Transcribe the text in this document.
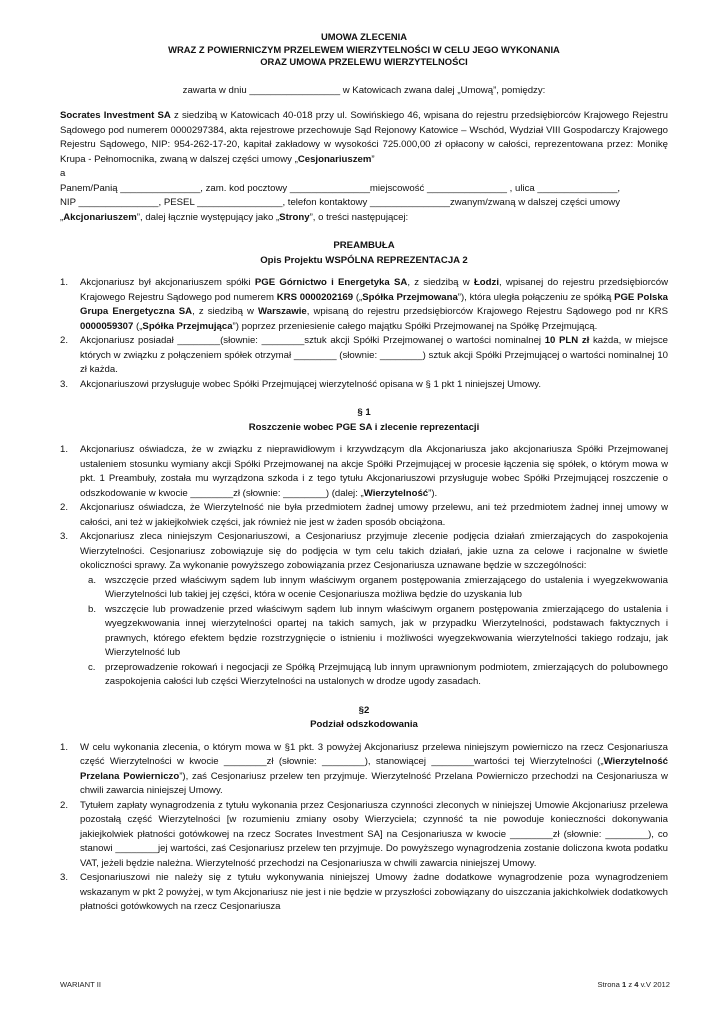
UMOWA ZLECENIA
WRAZ Z POWIERNICZYM PRZELEWEM WIERZYTELNOŚCI W CELU JEGO WYKONANIA
ORAZ UMOWA PRZELEWU WIERZYTELNOŚCI

zawarta w dniu _________________ w Katowicach zwana dalej „Umową”, pomiędzy:

Socrates Investment SA z siedzibą w Katowicach 40-018 przy ul. Sowińskiego 46, wpisana do rejestru przedsiębiorców Krajowego Rejestru Sądowego pod numerem 0000297384, akta rejestrowe przechowuje Sąd Rejonowy Katowice – Wschód, Wydział VIII Gospodarczy Krajowego Rejestru Sądowego, NIP: 954-262-17-20, kapitał zakładowy w wysokości 725.000,00 zł opłacony w całości, reprezentowana przez: Monikę Krupa - Pełnomocnika, zwaną w dalszej części umowy „Cesjonariuszem”

a

Panem/Panią _______________, zam. kod pocztowy _______________miejscowość _______________ , ulica _______________,

NIP _______________, PESEL ________________, telefon kontaktowy _______________zwanym/zwaną w dalszej części umowy

„Akcjonariuszem”, dalej łącznie występujący jako „Strony”, o treści następującej:

PREAMBUŁA
Opis Projektu WSPÓLNA REPREZENTACJA 2
1. Akcjonariusz był akcjonariuszem spółki PGE Górnictwo i Energetyka SA, z siedzibą w Łodzi, wpisanej do rejestru przedsiębiorców Krajowego Rejestru Sądowego pod numerem KRS 0000202169 („Spółka Przejmowana”), która uległa połączeniu ze spółką PGE Polska Grupa Energetyczna SA, z siedzibą w Warszawie, wpisaną do rejestru przedsiębiorców Krajowego Rejestru Sądowego pod nr KRS 0000059307 („Spółka Przejmująca”) poprzez przeniesienie całego majątku Spółki Przejmowanej na Spółkę Przejmującą.
2. Akcjonariusz posiadał ________(słownie: ________sztuk akcji Spółki Przejmowanej o wartości nominalnej 10 PLN zł każda, w miejsce których w związku z połączeniem spółek otrzymał ________ (słownie: ________) sztuk akcji Spółki Przejmującej o wartości nominalnej 10 zł każda.
3. Akcjonariuszowi przysługuje wobec Spółki Przejmującej wierzytelność opisana w § 1 pkt 1 niniejszej Umowy.
§ 1
Roszczenie wobec PGE SA i zlecenie reprezentacji
1. Akcjonariusz oświadcza, że w związku z nieprawidłowym i krzywdzącym dla Akcjonariusza jako akcjonariusza Spółki Przejmowanej ustaleniem stosunku wymiany akcji Spółki Przejmowanej na akcje Spółki Przejmującej w procesie łączenia się spółek, o którym mowa w pkt. 1 Preambuły, została mu wyrządzona szkoda i z tego tytułu Akcjonariuszowi przysługuje wobec Spółki Przejmującej roszczenie o odszkodowanie w kwocie ________zł (słownie: ________) (dalej: „Wierzytelność”).
2. Akcjonariusz oświadcza, że Wierzytelność nie była przedmiotem żadnej umowy przelewu, ani też przedmiotem żadnej innej umowy w całości, ani też w jakiejkolwiek części, jak również nie jest w żaden sposób obciążona.
3. Akcjonariusz zleca niniejszym Cesjonariuszowi, a Cesjonariusz przyjmuje zlecenie podjęcia działań zmierzających do zaspokojenia Wierzytelności. Cesjonariusz zobowiązuje się do podjęcia w tym celu takich działań, jakie uzna za celowe i racjonalne w świetle okoliczności sprawy. Za wykonanie powyższego zobowiązania przez Cesjonariusza uznawane będzie w szczególności:
a. wszczęcie przed właściwym sądem lub innym właściwym organem postępowania zmierzającego do ustalenia i wyegzekwowania Wierzytelności lub takiej jej części, która w ocenie Cesjonariusza możliwa będzie do uzyskania lub
b. wszczęcie lub prowadzenie przed właściwym sądem lub innym właściwym organem postępowania zmierzającego do ustalenia i wyegzekwowania innej wierzytelności opartej na takich samych, jak w przypadku Wierzytelności, podstawach faktycznych i prawnych, którego efektem będzie rozstrzygnięcie o istnieniu i możliwości wyegzekwowania wierzytelności takiego rodzaju, jak Wierzytelność lub
c. przeprowadzenie rokowań i negocjacji ze Spółką Przejmującą lub innym uprawnionym podmiotem, zmierzających do polubownego zaspokojenia całości lub części Wierzytelności na ustalonych w drodze ugody zasadach.
§2
Podział odszkodowania
1. W celu wykonania zlecenia, o którym mowa w §1 pkt. 3 powyżej Akcjonariusz przelewa niniejszym powierniczo na rzecz Cesjonariusza część Wierzytelności w kwocie ________zł (słownie: ________), stanowiącej ________wartości tej Wierzytelności („Wierzytelność Przelana Powierniczo”), zaś Cesjonariusz przelew ten przyjmuje. Wierzytelność Przelana Powierniczo przechodzi na Cesjonariusza w chwili zawarcia niniejszej Umowy.
2. Tytułem zapłaty wynagrodzenia z tytułu wykonania przez Cesjonariusza czynności zleconych w niniejszej Umowie Akcjonariusz przelewa pozostałą część Wierzytelności [w rozumieniu zmiany osoby Wierzyciela; czynność ta nie powoduje konieczności dokonywania jakiejkolwiek płatności gotówkowej na rzecz Socrates Investment SA] na Cesjonariusza w kwocie ________zł (słownie: ________), co stanowi ________jej wartości, zaś Cesjonariusz przelew ten przyjmuje. Do powyższego wynagrodzenia zostanie doliczona kwota podatku VAT, jeżeli będzie należna. Wierzytelność przechodzi na Cesjonariusza w chwili zawarcia niniejszej Umowy.
3. Cesjonariuszowi nie należy się z tytułu wykonywania niniejszej Umowy żadne dodatkowe wynagrodzenie poza wynagrodzeniem wskazanym w pkt 2 powyżej, w tym Akcjonariusz nie jest i nie będzie w przyszłości zobowiązany do uiszczania jakichkolwiek dodatkowych płatności gotówkowych na rzecz Cesjonariusza
WARIANT II	Strona 1 z 4 v.V 2012
